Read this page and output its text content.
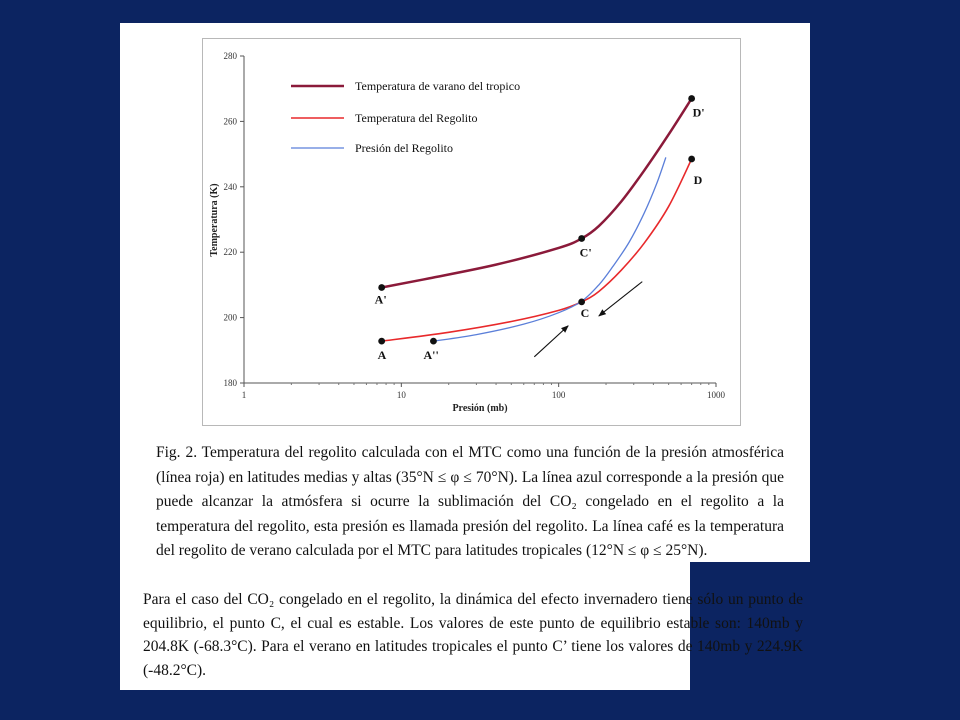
Presión (mb)
Temperatura (K)
1	10	100	1000
180
200
220
240
260
280
A'
C'
D'
A	A''
C
D
Temperatura de varano del tropico
Temperatura del Regolito
Presión del Regolito
Fig. 2. Temperatura del regolito calculada con el MTC como una función de la presión atmosférica (línea roja) en latitudes medias y altas (35°N ≤ φ ≤ 70°N). La línea azul corresponde a la presión que puede alcanzar la atmósfera si ocurre la sublimación del CO₂ congelado en el regolito a la temperatura del regolito, esta presión es llamada presión del regolito. La línea café es la temperatura del regolito de verano calculada por el MTC para latitudes tropicales (12°N ≤ φ ≤ 25°N).
Para el caso del CO₂ congelado en el regolito, la dinámica del efecto invernadero tiene sólo un punto de equilibrio, el punto C, el cual es estable. Los valores de este punto de equilibrio estable son: 140mb y 204.8K (-68.3°C). Para el verano en latitudes tropicales el punto C’ tiene los valores de 140mb y 224.9K (-48.2°C).
